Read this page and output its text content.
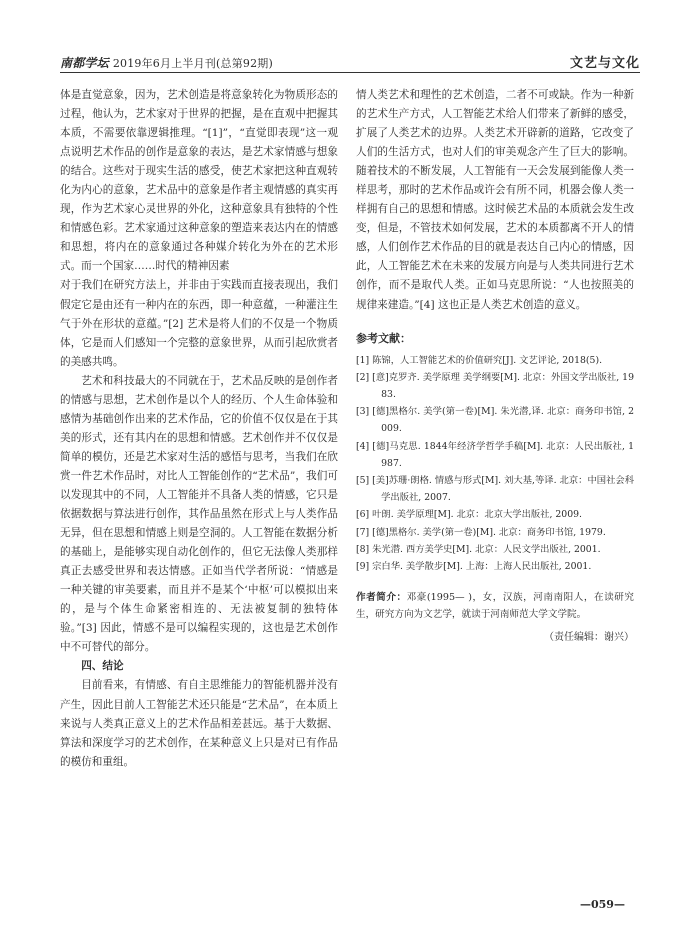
南都学坛 2019年6月上半月刊(总第92期)	文艺与文化

体是直觉意象，因为，艺术创造是将意象转化为物质形态的过程，他认为，艺术家对于世界的把握，是在直观中把握其本质，不需要依靠逻辑推理。“[1]”，“直觉即表现”这一观点说明艺术作品的创作是意象的表达，是艺术家情感与想象的结合。这些对于现实生活的感受，使艺术家把这种直观转化为内心的意象，艺术品中的意象是作者主观情感的真实再现，作为艺术家心灵世界的外化，这种意象具有独特的个性和情感色彩。艺术家通过这种意象的塑造来表达内在的情感和思想，将内在的意象通过各种媒介转化为外在的艺术形式。而一个国家……时代的精神因素

对于我们在研究方法上，并非由于实践而直接表现出，我们假定它是由还有一种内在的东西，即一种意蕴，一种灌注生气于外在形状的意蕴。”[2] 艺术是将人们的不仅是一个物质体，它是而人们感知一个完整的意象世界，从而引起欣赏者的美感共鸣。

艺术和科技最大的不同就在于，艺术品反映的是创作者的情感与思想，艺术创作是以个人的经历、个人生命体验和感情为基础创作出来的艺术作品，它的价值不仅仅是在于其美的形式，还有其内在的思想和情感。艺术创作并不仅仅是简单的模仿，还是艺术家对生活的感悟与思考，当我们在欣赏一件艺术作品时，对比人工智能创作的“艺术品”，我们可以发现其中的不同，人工智能并不具备人类的情感，它只是依据数据与算法进行创作，其作品虽然在形式上与人类作品无异，但在思想和情感上则是空洞的。人工智能在数据分析的基础上，是能够实现自动化创作的，但它无法像人类那样真正去感受世界和表达情感。正如当代学者所说：“情感是一种关键的审美要素，而且并不是某个‘中枢’可以模拟出来的，是与个体生命紧密相连的、无法被复制的独特体验。”[3] 因此，情感不是可以编程实现的，这也是艺术创作中不可替代的部分。

四、结论

目前看来，有情感、有自主思维能力的智能机器并没有产生，因此目前人工智能艺术还只能是“艺术品”，在本质上来说与人类真正意义上的艺术作品相差甚远。基于大数据、算法和深度学习的艺术创作，在某种意义上只是对已有作品的模仿和重组。

情人类艺术和理性的艺术创造，二者不可或缺。作为一种新的艺术生产方式，人工智能艺术给人们带来了新鲜的感受，扩展了人类艺术的边界。人类艺术开辟新的道路，它改变了人们的生活方式，也对人们的审美观念产生了巨大的影响。随着技术的不断发展，人工智能有一天会发展到能像人类一样思考，那时的艺术作品或许会有所不同，机器会像人类一样拥有自己的思想和情感。这时候艺术品的本质就会发生改变，但是，不管技术如何发展，艺术的本质都离不开人的情感，人们创作艺术作品的目的就是表达自己内心的情感，因此，人工智能艺术在未来的发展方向是与人类共同进行艺术创作，而不是取代人类。正如马克思所说：“人也按照美的规律来建造。”[4] 这也正是人类艺术创造的意义。

参考文献：
[1] 陈锦，人工智能艺术的价值研究[J]. 文艺评论, 2018(5).
[2] [意]克罗齐. 美学原理 美学纲要[M]. 北京：外国文学出版社, 1983.
[3] [德]黑格尔. 美学(第一卷)[M]. 朱光潜,译. 北京：商务印书馆, 2009.
[4] [德]马克思. 1844年经济学哲学手稿[M]. 北京：人民出版社, 1987.
[5] [美]苏珊·朗格. 情感与形式[M]. 刘大基,等译. 北京：中国社会科学出版社, 2007.
[6] 叶朗. 美学原理[M]. 北京：北京大学出版社, 2009.
[7] [德]黑格尔. 美学(第一卷)[M]. 北京：商务印书馆, 1979.
[8] 朱光潜. 西方美学史[M]. 北京：人民文学出版社, 2001.
[9] 宗白华. 美学散步[M]. 上海：上海人民出版社, 2001.
作者简介：邓豪(1995— )，女，汉族，河南南阳人，在读研究生，研究方向为文艺学，就读于河南师范大学文学院。
（责任编辑：谢兴）
—059—
